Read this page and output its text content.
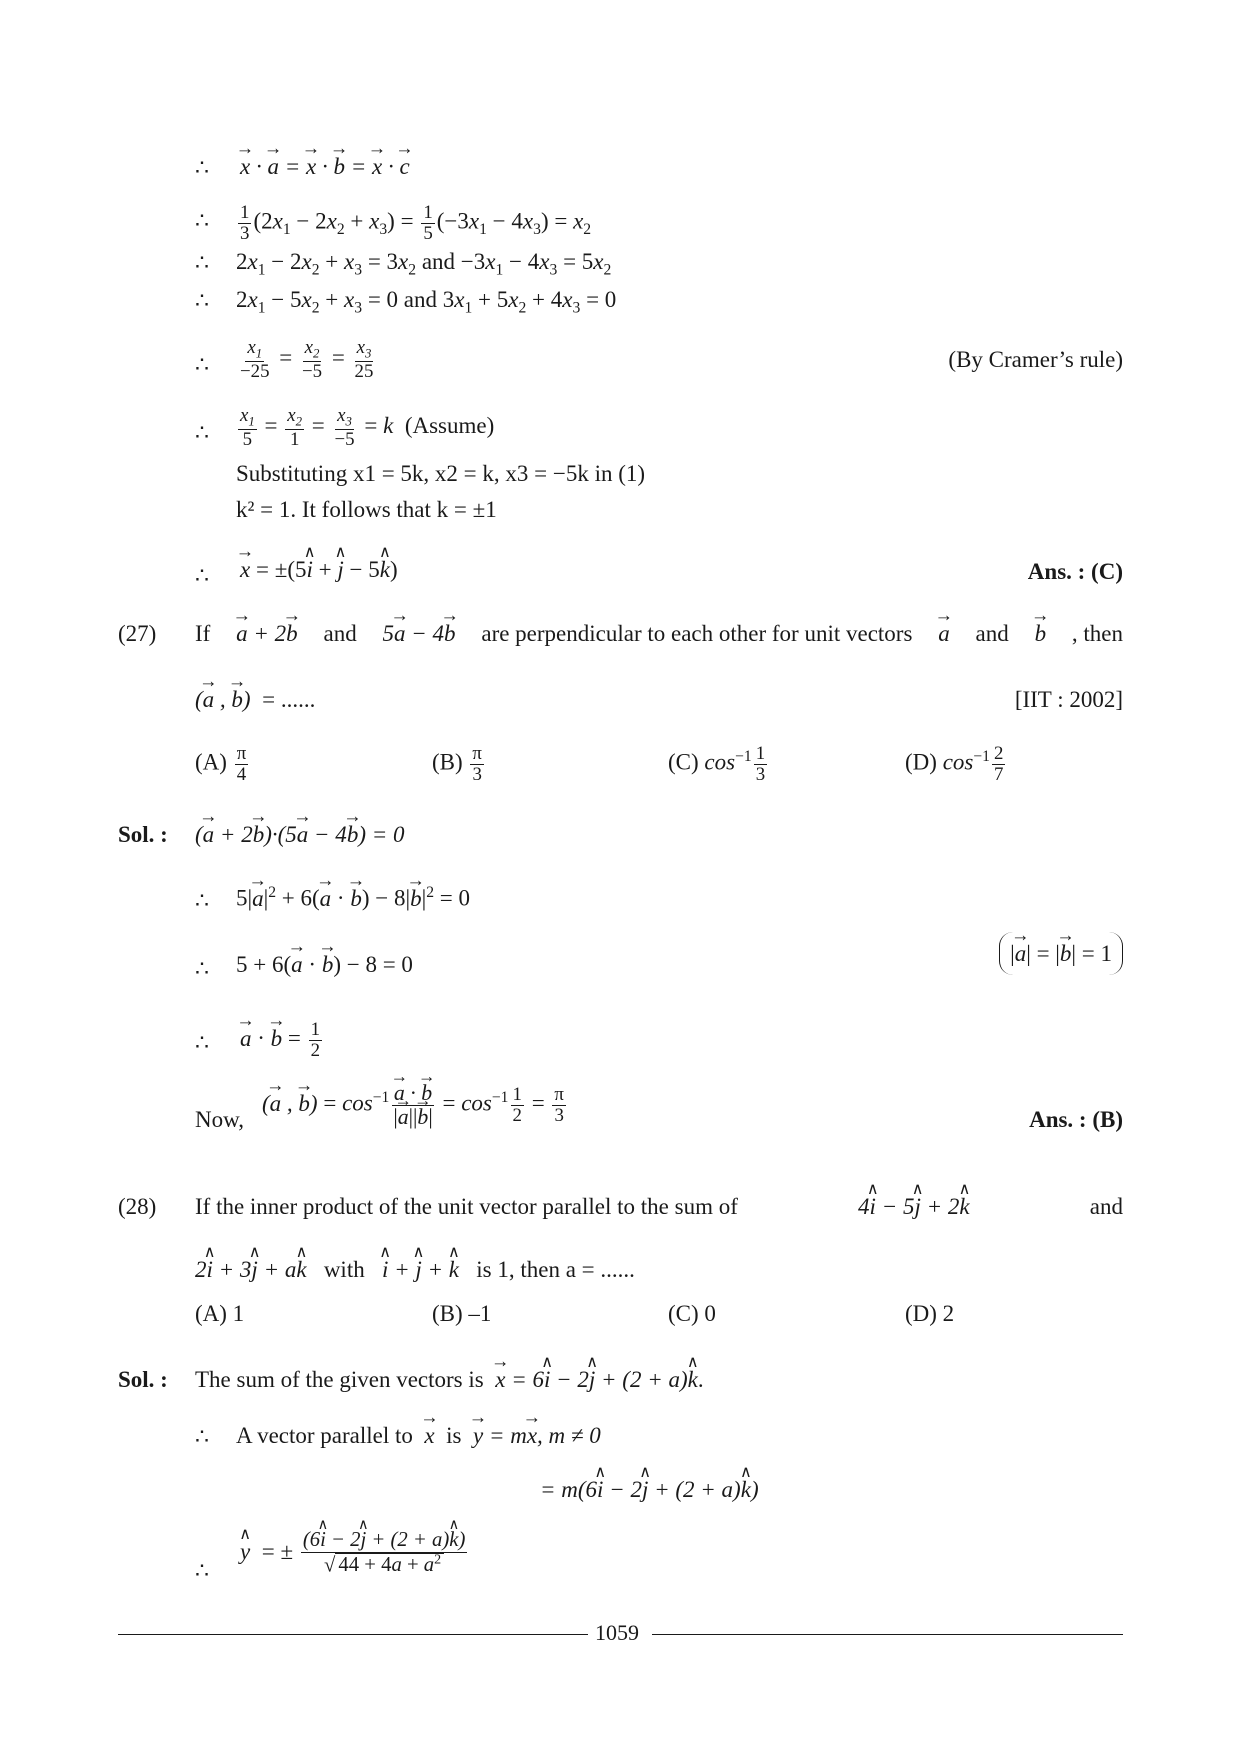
∴
→ x · → a = → x · → b = → x · → c
∴ $\frac{1}{3} (2x_1 - 2x_2 + x_3) = \frac{1}{5} (-3x_1 - 4x_3) = x_2$
∴ $2x_1 - 2x_2 + x_3 = 3x_2$ and $-3x_1 - 4x_3 = 5x_2$
∴ $2x_1 - 5x_2 + x_3 = 0$ and $3x_1 + 5x_2 + 4x_3 = 0$
∴ $\frac{x_1}{-25} = \frac{x_2}{-5} = \frac{x_3}{25}$	(By Cramer’s rule)
∴ $\frac{x_1}{5} = \frac{x_2}{1} = \frac{x_3}{-5} = k$ (Assume)
Substituting x1 = 5k, x2 = k, x3 = −5k in (1)
k² = 1. It follows that k = ±1
∴
→ x = ±(5∧ i + ∧ j − 5∧ k)	Ans. : (C)
(27) If
→ a + 2→ b and 5→ a − 4→ b are perpendicular to each other for unit vectors
→ a and
→ b , then
(→ a , → b) = ......	[IIT : 2002]
$(A) \frac{\pi}{4}$	$(B) \frac{\pi}{3}$	(C) $\cos^{-1} \frac{1}{3}$	(D) $\cos^{-1} \frac{2}{7}$
Sol. : (→ a + 2→ b)·(5→ a − 4→ b) = 0
∴ $5|\to a|^2 + 6(\to a$ · → $b) - 8|\to b|^2 = 0$
∴ 5 + 6(→ a · → b) − 8 = 0	|→ a| = |→ b| = 1
∴
→ a · → $b = \frac{1}{2}$
Now,
(→ a , → $b) = \cos^{-1}$
→ $\frac{a \cdot \to b}{|\to a||\to b|} = \cos^{-1} \frac{1}{2} = \frac{\pi}{3}$	Ans. : (B)
(28) If the inner product of the unit vector parallel to the sum of	4∧ i − 5∧ j + 2∧ k	and
2∧ i + 3∧ j + a∧ k with   ∧ i + ∧ j + ∧ k is 1, then a = ......
(A) 1	(B) –1	(C) 0	(D) 2
Sol. : The sum of the given vectors is  → x = 6∧ i − 2∧ j + (2 + a)∧ k.
∴ A vector parallel to  → x is  → y = m→ x, m ≠ 0
= m(6∧ i − 2∧ j + (2 + a)∧ k)
∴
∧ y  = ± $\frac{(6\wedge i - 2\wedge j + (2 + a)\wedge k)}{√ 44 + 4a + a^2}$
1059
